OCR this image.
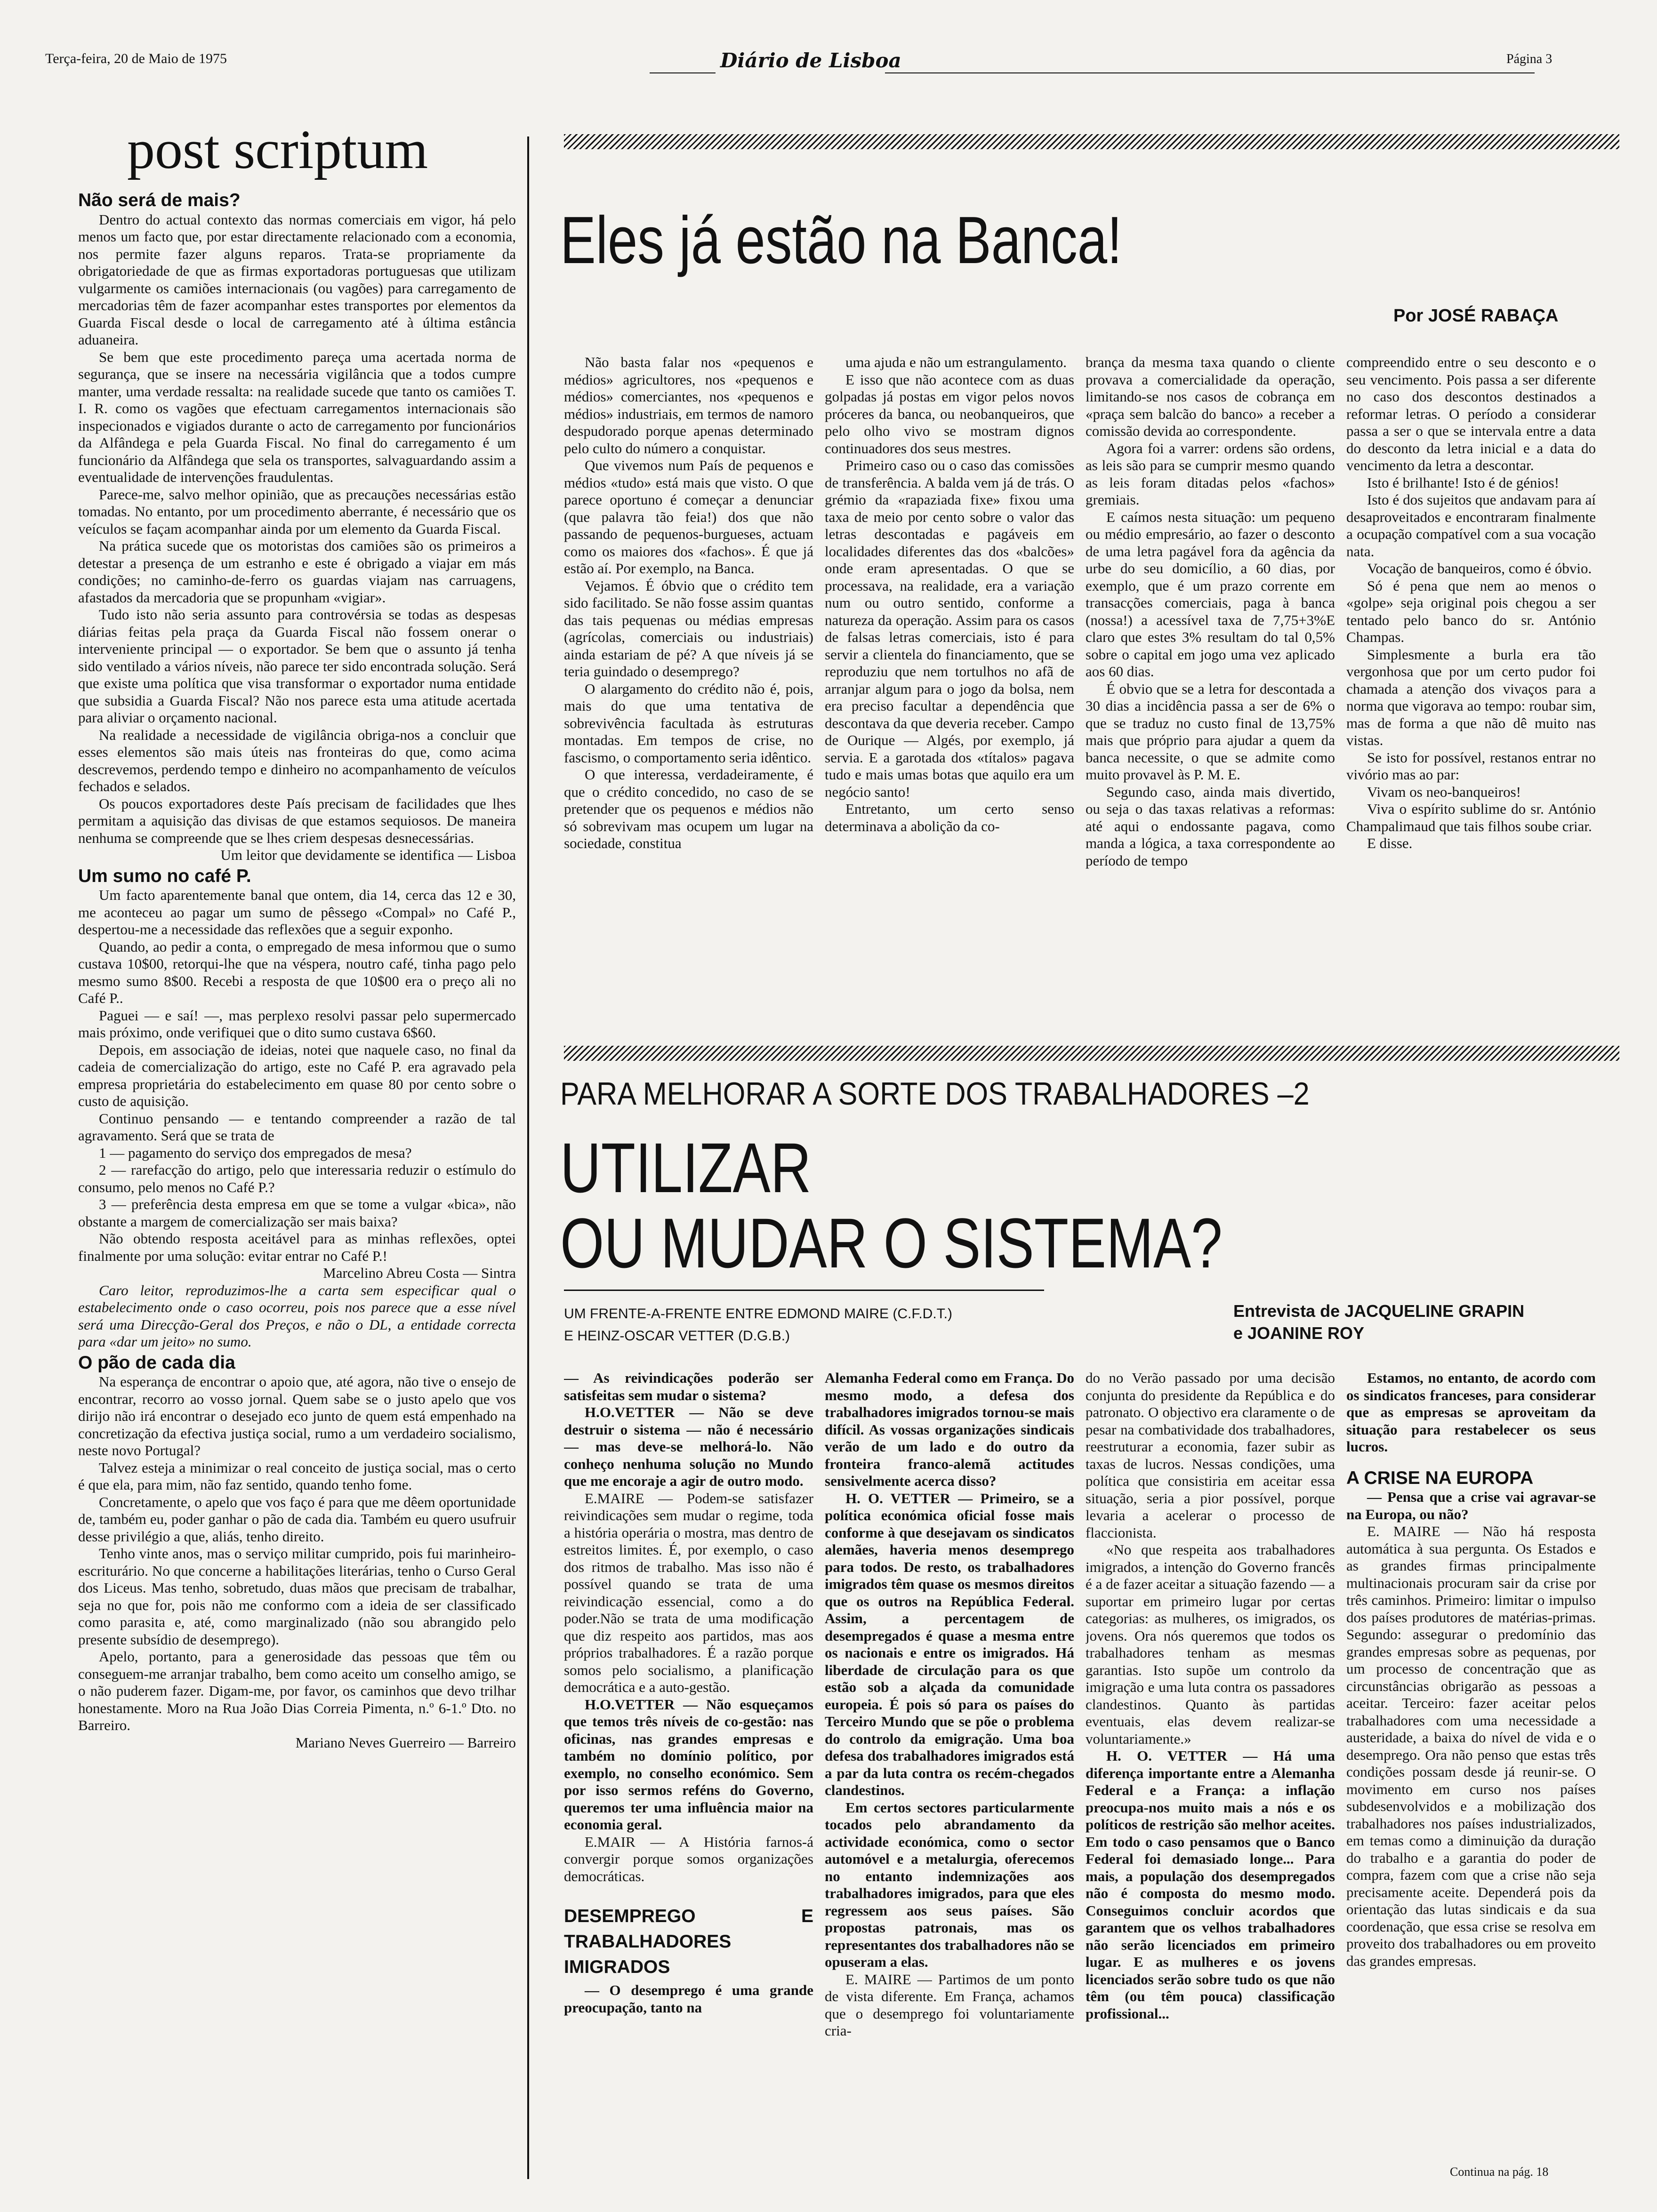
Terça-feira, 20 de Maio de 1975	Diário de Lisboa	Página 3
post scriptum
Não será de mais?

Dentro do actual contexto das normas comerciais em vigor, há pelo menos um facto que, por estar directamente relacionado com a economia, nos permite fazer alguns reparos. Trata-se propriamente da obrigatoriedade de que as firmas exportadoras portuguesas que utilizam vulgarmente os camiões internacionais (ou vagões) para carregamento de mercadorias têm de fazer acompanhar estes transportes por elementos da Guarda Fiscal desde o local de carregamento até à última estância aduaneira.

Se bem que este procedimento pareça uma acertada norma de segurança, que se insere na necessária vigilância que a todos cumpre manter, uma verdade ressalta: na realidade sucede que tanto os camiões T. I. R. como os vagões que efectuam carregamentos internacionais são inspecionados e vigiados durante o acto de carregamento por funcionários da Alfândega e pela Guarda Fiscal. No final do carregamento é um funcionário da Alfândega que sela os transportes, salvaguardando assim a eventualidade de intervenções fraudulentas.

Parece-me, salvo melhor opinião, que as precauções necessárias estão tomadas. No entanto, por um procedimento aberrante, é necessário que os veículos se façam acompanhar ainda por um elemento da Guarda Fiscal.

Na prática sucede que os motoristas dos camiões são os primeiros a detestar a presença de um estranho e este é obrigado a viajar em más condições; no caminho-de-ferro os guardas viajam nas carruagens, afastados da mercadoria que se propunham «vigiar».

Tudo isto não seria assunto para controvérsia se todas as despesas diárias feitas pela praça da Guarda Fiscal não fossem onerar o interveniente principal — o exportador. Se bem que o assunto já tenha sido ventilado a vários níveis, não parece ter sido encontrada solução. Será que existe uma política que visa transformar o exportador numa entidade que subsidia a Guarda Fiscal? Não nos parece esta uma atitude acertada para aliviar o orçamento nacional.

Na realidade a necessidade de vigilância obriga-nos a concluir que esses elementos são mais úteis nas fronteiras do que, como acima descrevemos, perdendo tempo e dinheiro no acompanhamento de veículos fechados e selados.

Os poucos exportadores deste País precisam de facilidades que lhes permitam a aquisição das divisas de que estamos sequiosos. De maneira nenhuma se compreende que se lhes criem despesas desnecessárias.

Um leitor que devidamente se identifica — Lisboa

Um sumo no café P.

Um facto aparentemente banal que ontem, dia 14, cerca das 12 e 30, me aconteceu ao pagar um sumo de pêssego «Compal» no Café P., despertou-me a necessidade das reflexões que a seguir exponho.

Quando, ao pedir a conta, o empregado de mesa informou que o sumo custava 10$00, retorqui-lhe que na véspera, noutro café, tinha pago pelo mesmo sumo 8$00. Recebi a resposta de que 10$00 era o preço ali no Café P..

Paguei — e saí! —, mas perplexo resolvi passar pelo supermercado mais próximo, onde verifiquei que o dito sumo custava 6$60.

Depois, em associação de ideias, notei que naquele caso, no final da cadeia de comercialização do artigo, este no Café P. era agravado pela empresa proprietária do estabelecimento em quase 80 por cento sobre o custo de aquisição.

Continuo pensando — e tentando compreender a razão de tal agravamento. Será que se trata de

1 — pagamento do serviço dos empregados de mesa?

2 — rarefacção do artigo, pelo que interessaria reduzir o estímulo do consumo, pelo menos no Café P.?

3 — preferência desta empresa em que se tome a vulgar «bica», não obstante a margem de comercialização ser mais baixa?

Não obtendo resposta aceitável para as minhas reflexões, optei finalmente por uma solução: evitar entrar no Café P.!

Marcelino Abreu Costa — Sintra

Caro leitor, reproduzimos-lhe a carta sem especificar qual o estabelecimento onde o caso ocorreu, pois nos parece que a esse nível será uma Direcção-Geral dos Preços, e não o DL, a entidade correcta para «dar um jeito» no sumo.

O pão de cada dia

Na esperança de encontrar o apoio que, até agora, não tive o ensejo de encontrar, recorro ao vosso jornal. Quem sabe se o justo apelo que vos dirijo não irá encontrar o desejado eco junto de quem está empenhado na concretização da efectiva justiça social, rumo a um verdadeiro socialismo, neste novo Portugal?

Talvez esteja a minimizar o real conceito de justiça social, mas o certo é que ela, para mim, não faz sentido, quando tenho fome.

Concretamente, o apelo que vos faço é para que me dêem oportunidade de, também eu, poder ganhar o pão de cada dia. Também eu quero usufruir desse privilégio a que, aliás, tenho direito.

Tenho vinte anos, mas o serviço militar cumprido, pois fui marinheiro-escriturário. No que concerne a habilitações literárias, tenho o Curso Geral dos Liceus. Mas tenho, sobretudo, duas mãos que precisam de trabalhar, seja no que for, pois não me conformo com a ideia de ser classificado como parasita e, até, como marginalizado (não sou abrangido pelo presente subsídio de desemprego).

Apelo, portanto, para a generosidade das pessoas que têm ou conseguem-me arranjar trabalho, bem como aceito um conselho amigo, se o não puderem fazer. Digam-me, por favor, os caminhos que devo trilhar honestamente. Moro na Rua João Dias Correia Pimenta, n.º 6-1.º Dto. no Barreiro.

Mariano Neves Guerreiro — Barreiro

Eles já estão na Banca!
Por JOSÉ RABAÇA

Não basta falar nos «pequenos e médios» agricultores, nos «pequenos e médios» comerciantes, nos «pequenos e médios» industriais, em termos de namoro despudorado porque apenas determinado pelo culto do número a conquistar.

Que vivemos num País de pequenos e médios «tudo» está mais que visto. O que parece oportuno é começar a denunciar (que palavra tão feia!) dos que não passando de pequenos-burgueses, actuam como os maiores dos «fachos». É que já estão aí. Por exemplo, na Banca.

Vejamos. É óbvio que o crédito tem sido facilitado. Se não fosse assim quantas das tais pequenas ou médias empresas (agrícolas, comerciais ou industriais) ainda estariam de pé? A que níveis já se teria guindado o desemprego?

O alargamento do crédito não é, pois, mais do que uma tentativa de sobrevivência facultada às estruturas montadas. Em tempos de crise, no fascismo, o comportamento seria idêntico.

O que interessa, verdadeiramente, é que o crédito concedido, no caso de se pretender que os pequenos e médios não só sobrevivam mas ocupem um lugar na sociedade, constitua

uma ajuda e não um estrangulamento.

E isso que não acontece com as duas golpadas já postas em vigor pelos novos próceres da banca, ou neobanqueiros, que pelo olho vivo se mostram dignos continuadores dos seus mestres.

Primeiro caso ou o caso das comissões de transferência. A balda vem já de trás. O grémio da «rapaziada fixe» fixou uma taxa de meio por cento sobre o valor das letras descontadas e pagáveis em localidades diferentes das dos «balcões» onde eram apresentadas. O que se processava, na realidade, era a variação num ou outro sentido, conforme a natureza da operação. Assim para os casos de falsas letras comerciais, isto é para servir a clientela do financiamento, que se reproduziu que nem tortulhos no afã de arranjar algum para o jogo da bolsa, nem era preciso facultar a dependência que descontava da que deveria receber. Campo de Ourique — Algés, por exemplo, já servia. E a garotada dos «títalos» pagava tudo e mais umas botas que aquilo era um negócio santo!

Entretanto, um certo senso determinava a abolição da co-

brança da mesma taxa quando o cliente provava a comercialidade da operação, limitando-se nos casos de cobrança em «praça sem balcão do banco» a receber a comissão devida ao correspondente.

Agora foi a varrer: ordens são ordens, as leis são para se cumprir mesmo quando as leis foram ditadas pelos «fachos» gremiais.

E caímos nesta situação: um pequeno ou médio empresário, ao fazer o desconto de uma letra pagável fora da agência da urbe do seu domicílio, a 60 dias, por exemplo, que é um prazo corrente em transacções comerciais, paga à banca (nossa!) a acessível taxa de 7,75+3%E claro que estes 3% resultam do tal 0,5% sobre o capital em jogo uma vez aplicado aos 60 dias.

É obvio que se a letra for descontada a 30 dias a incidência passa a ser de 6% o que se traduz no custo final de 13,75% mais que próprio para ajudar a quem da banca necessite, o que se admite como muito provavel às P. M. E.

Segundo caso, ainda mais divertido, ou seja o das taxas relativas a reformas: até aqui o endossante pagava, como manda a lógica, a taxa correspondente ao período de tempo

compreendido entre o seu desconto e o seu vencimento. Pois passa a ser diferente no caso dos descontos destinados a reformar letras. O período a considerar passa a ser o que se intervala entre a data do desconto da letra inicial e a data do vencimento da letra a descontar.

Isto é brilhante! Isto é de génios!

Isto é dos sujeitos que andavam para aí desaproveitados e encontraram finalmente a ocupação compatível com a sua vocação nata.

Vocação de banqueiros, como é óbvio.

Só é pena que nem ao menos o «golpe» seja original pois chegou a ser tentado pelo banco do sr. António Champas.

Simplesmente a burla era tão vergonhosa que por um certo pudor foi chamada a atenção dos vivaços para a norma que vigorava ao tempo: roubar sim, mas de forma a que não dê muito nas vistas.

Se isto for possível, restanos entrar no vivório mas ao par:

Vivam os neo-banqueiros!

Viva o espírito sublime do sr. António Champalimaud que tais filhos soube criar.

E disse.

PARA MELHORAR A SORTE DOS TRABALHADORES –2
UTILIZAR
OU MUDAR O SISTEMA?
UM FRENTE-A-FRENTE ENTRE EDMOND MAIRE (C.F.D.T.)
E HEINZ-OSCAR VETTER (D.G.B.)
Entrevista de JACQUELINE GRAPIN
e JOANINE ROY

— As reivindicações poderão ser satisfeitas sem mudar o sistema?

H.O.VETTER — Não se deve destruir o sistema — não é necessário — mas deve-se melhorá-lo. Não conheço nenhuma solução no Mundo que me encoraje a agir de outro modo.

E.MAIRE — Podem-se satisfazer reivindicações sem mudar o regime, toda a história operária o mostra, mas dentro de estreitos limites. É, por exemplo, o caso dos ritmos de trabalho. Mas isso não é possível quando se trata de uma reivindicação essencial, como a do poder.Não se trata de uma modificação que diz respeito aos partidos, mas aos próprios trabalhadores. É a razão porque somos pelo socialismo, a planificação democrática e a auto-gestão.

H.O.VETTER — Não esqueçamos que temos três níveis de co-gestão: nas oficinas, nas grandes empresas e também no domínio político, por exemplo, no conselho económico. Sem por isso sermos reféns do Governo, queremos ter uma influência maior na economia geral.

E.MAIR — A História farnos-á convergir porque somos organizações democráticas.

DESEMPREGO E TRABALHADORES IMIGRADOS

— O desemprego é uma grande preocupação, tanto na

Alemanha Federal como em França. Do mesmo modo, a defesa dos trabalhadores imigrados tornou-se mais difícil. As vossas organizações sindicais verão de um lado e do outro da fronteira franco-alemã actitudes sensivelmente acerca disso?

H. O. VETTER — Primeiro, se a política económica oficial fosse mais conforme à que desejavam os sindicatos alemães, haveria menos desemprego para todos. De resto, os trabalhadores imigrados têm quase os mesmos direitos que os outros na República Federal. Assim, a percentagem de desempregados é quase a mesma entre os nacionais e entre os imigrados. Há liberdade de circulação para os que estão sob a alçada da comunidade europeia. É pois só para os países do Terceiro Mundo que se põe o problema do controlo da emigração. Uma boa defesa dos trabalhadores imigrados está a par da luta contra os recém-chegados clandestinos.

Em certos sectores particularmente tocados pelo abrandamento da actividade económica, como o sector automóvel e a metalurgia, oferecemos no entanto indemnizações aos trabalhadores imigrados, para que eles regressem aos seus países. São propostas patronais, mas os representantes dos trabalhadores não se opuseram a elas.

E. MAIRE — Partimos de um ponto de vista diferente. Em França, achamos que o desemprego foi voluntariamente cria-

do no Verão passado por uma decisão conjunta do presidente da República e do patronato. O objectivo era claramente o de pesar na combatividade dos trabalhadores, reestruturar a economia, fazer subir as taxas de lucros. Nessas condições, uma política que consistiria em aceitar essa situação, seria a pior possível, porque levaria a acelerar o processo de flaccionista.

«No que respeita aos trabalhadores imigrados, a intenção do Governo francês é a de fazer aceitar a situação fazendo — a suportar em primeiro lugar por certas categorias: as mulheres, os imigrados, os jovens. Ora nós queremos que todos os trabalhadores tenham as mesmas garantias. Isto supõe um controlo da imigração e uma luta contra os passadores clandestinos. Quanto às partidas eventuais, elas devem realizar-se voluntariamente.»

H. O. VETTER — Há uma diferença importante entre a Alemanha Federal e a França: a inflação preocupa-nos muito mais a nós e os políticos de restrição são melhor aceites. Em todo o caso pensamos que o Banco Federal foi demasiado longe... Para mais, a população dos desempregados não é composta do mesmo modo. Conseguimos concluir acordos que garantem que os velhos trabalhadores não serão licenciados em primeiro lugar. E as mulheres e os jovens licenciados serão sobre tudo os que não têm (ou têm pouca) classificação profissional...

Estamos, no entanto, de acordo com os sindicatos franceses, para considerar que as empresas se aproveitam da situação para restabelecer os seus lucros.

A CRISE NA EUROPA

— Pensa que a crise vai agravar-se na Europa, ou não?

E. MAIRE — Não há resposta automática à sua pergunta. Os Estados e as grandes firmas principalmente multinacionais procuram sair da crise por três caminhos. Primeiro: limitar o impulso dos países produtores de matérias-primas. Segundo: assegurar o predomínio das grandes empresas sobre as pequenas, por um processo de concentração que as circunstâncias obrigarão as pessoas a aceitar. Terceiro: fazer aceitar pelos trabalhadores com uma necessidade a austeridade, a baixa do nível de vida e o desemprego. Ora não penso que estas três condições possam desde já reunir-se. O movimento em curso nos países subdesenvolvidos e a mobilização dos trabalhadores nos países industrializados, em temas como a diminuição da duração do trabalho e a garantia do poder de compra, fazem com que a crise não seja precisamente aceite. Dependerá pois da orientação das lutas sindicais e da sua coordenação, que essa crise se resolva em proveito dos trabalhadores ou em proveito das grandes empresas.

Continua na pág. 18
